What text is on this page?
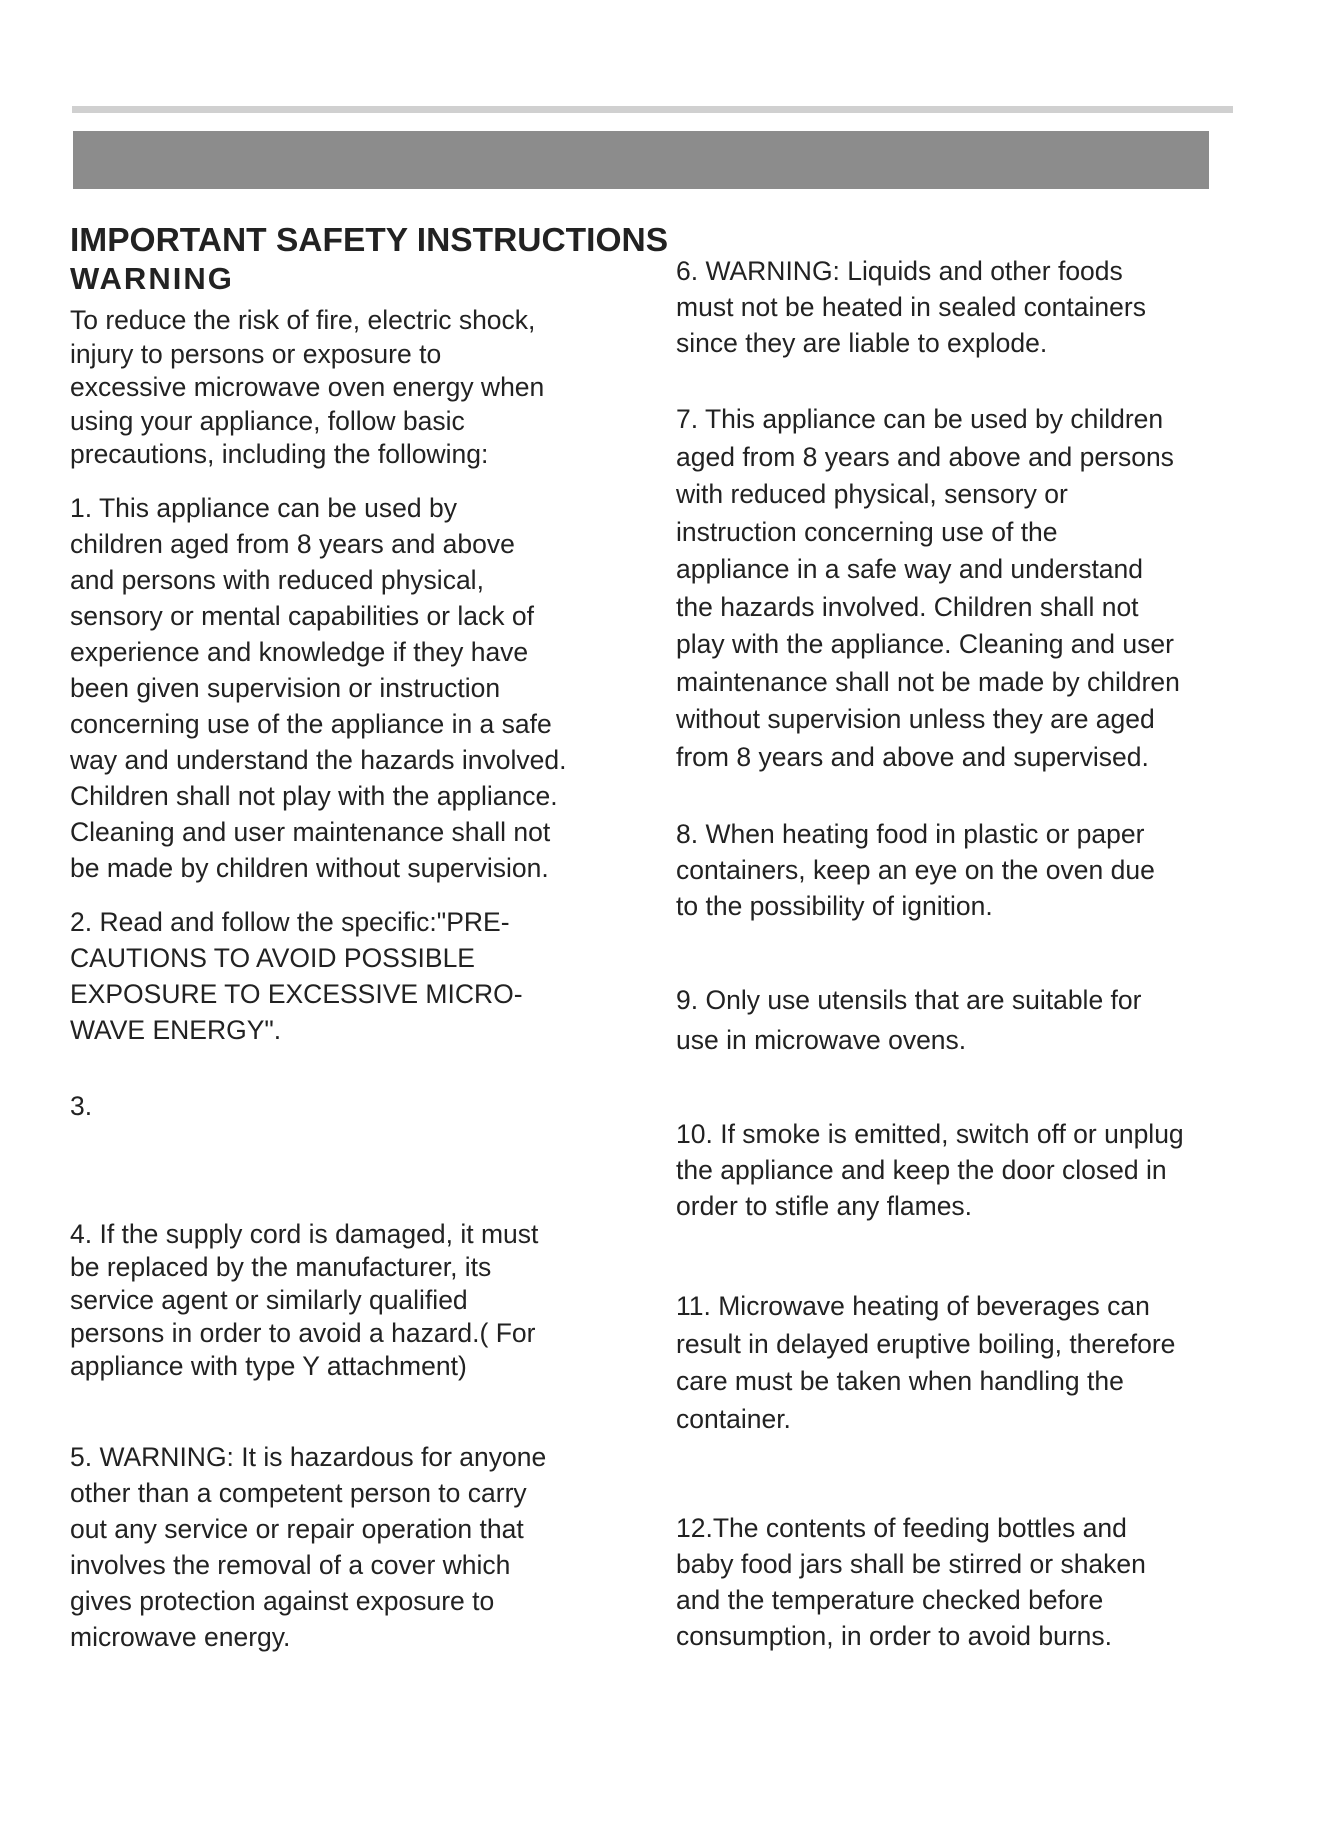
IMPORTANT SAFETY INSTRUCTIONS
WARNING
To reduce the risk of fire, electric shock,
injury to persons or exposure to
excessive microwave oven energy when
using your appliance, follow basic
precautions, including the following:
1. This appliance can be used by
children aged from 8 years and above
and persons with reduced physical,
sensory or mental capabilities or lack of
experience and knowledge if they have
been given supervision or instruction
concerning use of the appliance in a safe
way and understand the hazards involved.
Children shall not play with the appliance.
Cleaning and user maintenance shall not
be made by children without supervision.
2. Read and follow the specific:"PRE-
CAUTIONS TO AVOID POSSIBLE
EXPOSURE TO EXCESSIVE MICRO-
WAVE ENERGY".
3.
4. If the supply cord is damaged, it must
be replaced by the manufacturer, its
service agent or similarly qualified
persons in order to avoid a hazard.( For
appliance with type Y attachment)
5. WARNING: It is hazardous for anyone
other than a competent person to carry
out any service or repair operation that
involves the removal of a cover which
gives protection against exposure to
microwave energy.
6. WARNING: Liquids and other foods
must not be heated in sealed containers
since they are liable to explode.
7. This appliance can be used by children
aged from 8 years and above and persons
with reduced physical, sensory or
instruction concerning use of the
appliance in a safe way and understand
the hazards involved. Children shall not
play with the appliance. Cleaning and user
maintenance shall not be made by children
without supervision unless they are aged
from 8 years and above and supervised.
8. When heating food in plastic or paper
containers, keep an eye on the oven due
to the possibility of ignition.
9. Only use utensils that are suitable for
use in microwave ovens.
10. If smoke is emitted, switch off or unplug
the appliance and keep the door closed in
order to stifle any flames.
11. Microwave heating of beverages can
result in delayed eruptive boiling, therefore
care must be taken when handling the
container.
12.The contents of feeding bottles and
baby food jars shall be stirred or shaken
and the temperature checked before
consumption, in order to avoid burns.
